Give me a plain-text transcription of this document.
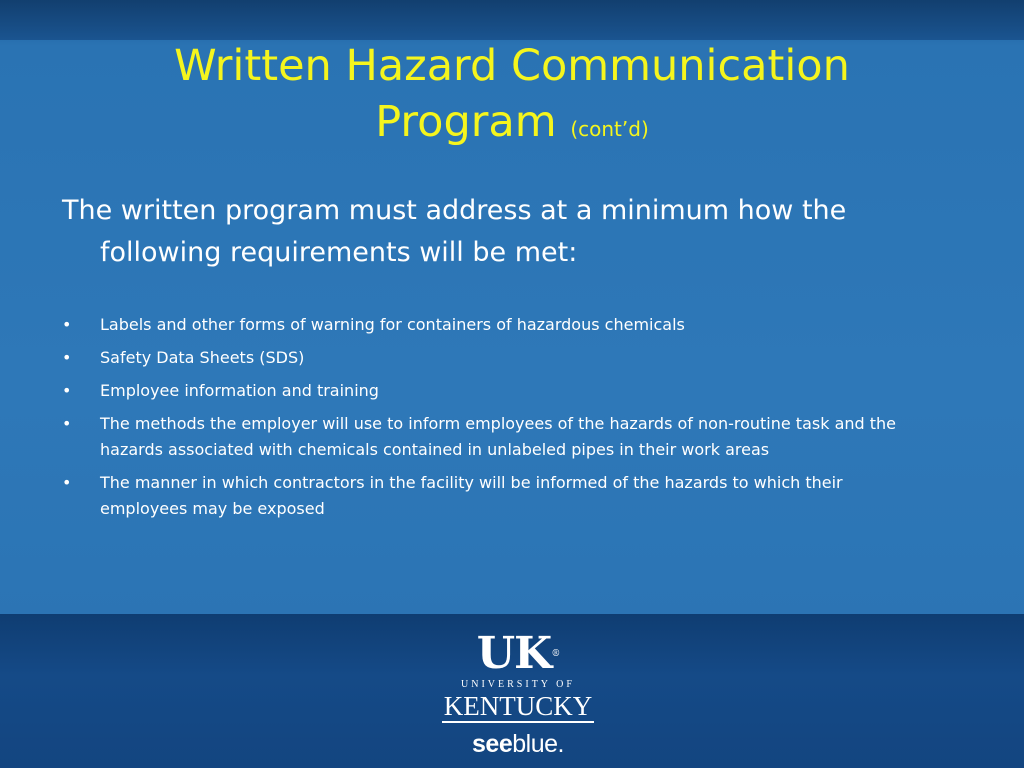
Written Hazard Communication
Program (cont’d)
The written program must address at a minimum how the following requirements will be met:
• Labels and other forms of warning for containers of hazardous chemicals
• Safety Data Sheets (SDS)
• Employee information and training
• The methods the employer will use to inform employees of the hazards of non-routine task and the hazards associated with chemicals contained in unlabeled pipes in their work areas
• The manner in which contractors in the facility will be informed of the hazards to which their employees may be exposed
UK®
UNIVERSITY OF
KENTUCKY
seeblue.
